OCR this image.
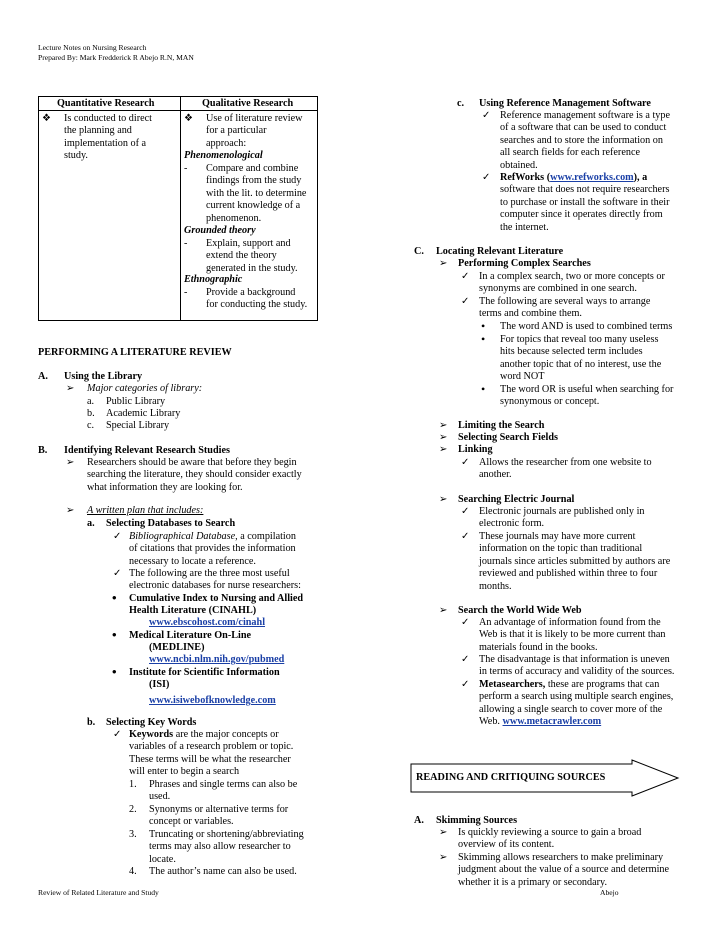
Lecture Notes on Nursing Research
Prepared By: Mark Fredderick R Abejo R.N, MAN
Quantitative Research	Qualitative Research
❖ Is conducted to direct
the planning and
implementation of a
study.
❖ Use of literature review
for a particular
approach:
Phenomenological
- Compare and combine
findings from the study
with the lit. to determine
current knowledge of a
phenomenon.
Grounded theory
- Explain, support and
extend the theory
generated in the study.
Ethnographic
- Provide a background
for conducting the study.
PERFORMING A LITERATURE REVIEW
A. Using the Library
➢ Major categories of library:
a. Public Library
b. Academic Library
c. Special Library
B. Identifying Relevant Research Studies
➢ Researchers should be aware that before they begin
searching the literature, they should consider exactly
what information they are looking for.
➢ A written plan that includes:
a. Selecting Databases to Search
✓ Bibliographical Database, a compilation
of citations that provides the information
necessary to locate a reference.
✓ The following are the three most useful
electronic databases for nurse researchers:
• Cumulative Index to Nursing and Allied
Health Literature (CINAHL)
www.ebscohost.com/cinahl
• Medical Literature On-Line
(MEDLINE)
www.ncbi.nlm.nih.gov/pubmed
• Institute for Scientific Information
(ISI)
www.isiwebofknowledge.com
b. Selecting Key Words
✓ Keywords are the major concepts or
variables of a research problem or topic.
These terms will be what the researcher
will enter to begin a search
1. Phrases and single terms can also be
used.
2. Synonyms or alternative terms for
concept or variables.
3. Truncating or shortening/abbreviating
terms may also allow researcher to
locate.
4. The author’s name can also be used.
c. Using Reference Management Software
✓ Reference management software is a type
of a software that can be used to conduct
searches and to store the information on
all search fields for each reference
obtained.
✓ RefWorks (www.refworks.com), a
software that does not require researchers
to purchase or install the software in their
computer since it operates directly from
the internet.
C. Locating Relevant Literature
➢ Performing Complex Searches
✓ In a complex search, two or more concepts or
synonyms are combined in one search.
✓ The following are several ways to arrange
terms and combine them.
• The word AND is used to combined terms
• For topics that reveal too many useless
hits because selected term includes
another topic that of no interest, use the
word NOT
• The word OR is useful when searching for
synonymous or concept.
➢ Limiting the Search
➢ Selecting Search Fields
➢ Linking
✓ Allows the researcher from one website to
another.
➢ Searching Electric Journal
✓ Electronic journals are published only in
electronic form.
✓ These journals may have more current
information on the topic than traditional
journals since articles submitted by authors are
reviewed and published within three to four
months.
➢ Search the World Wide Web
✓ An advantage of information found from the
Web is that it is likely to be more current than
materials found in the books.
✓ The disadvantage is that information is uneven
in terms of accuracy and validity of the sources.
✓ Metasearchers, these are programs that can
perform a search using multiple search engines,
allowing a single search to cover more of the
Web. www.metacrawler.com
READING AND CRITIQUING SOURCES
A. Skimming Sources
➢ Is quickly reviewing a source to gain a broad
overview of its content.
➢ Skimming allows researchers to make preliminary
judgment about the value of a source and determine
whether it is a primary or secondary.
Review of Related Literature and Study	Abejo
